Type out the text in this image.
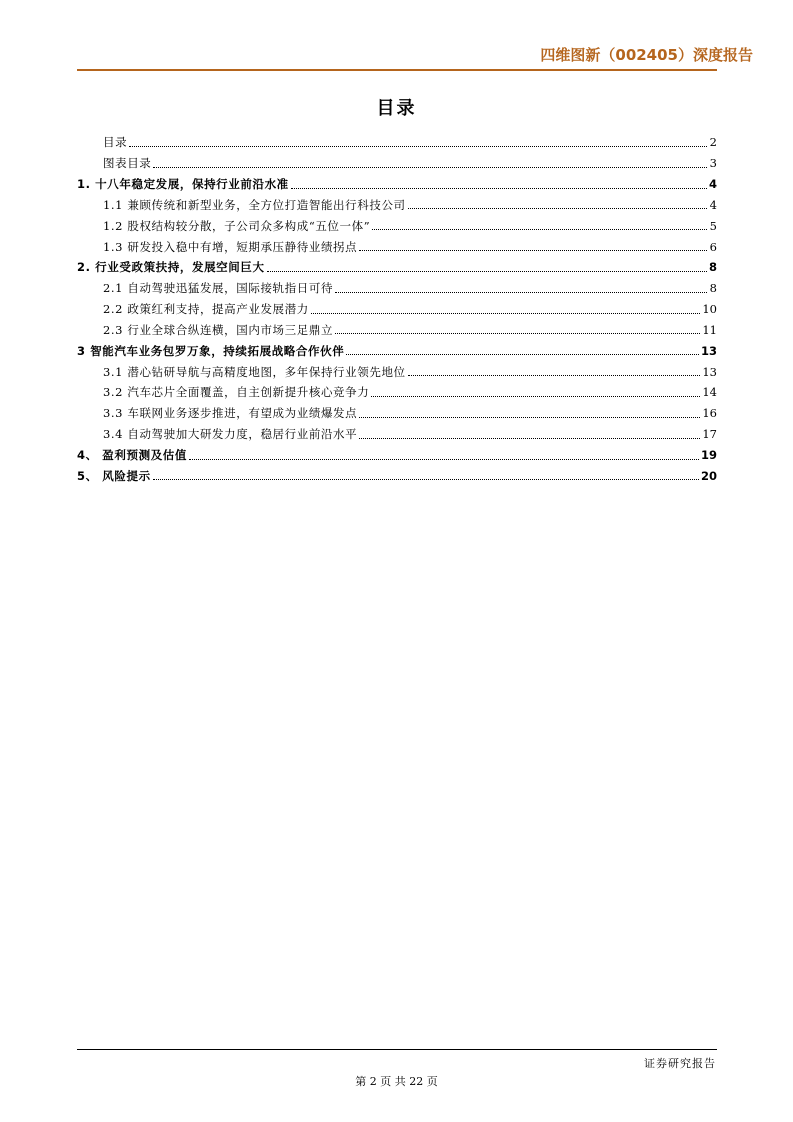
四维图新（002405）深度报告
目录
目录	2
图表目录	3
1. 十八年稳定发展，保持行业前沿水准	4
1.1 兼顾传统和新型业务，全方位打造智能出行科技公司	4
1.2 股权结构较分散，子公司众多构成“五位一体”	5
1.3 研发投入稳中有增，短期承压静待业绩拐点	6
2. 行业受政策扶持，发展空间巨大	8
2.1 自动驾驶迅猛发展，国际接轨指日可待	8
2.2 政策红利支持，提高产业发展潜力	10
2.3 行业全球合纵连横，国内市场三足鼎立	11
3 智能汽车业务包罗万象，持续拓展战略合作伙伴	13
3.1 潜心钻研导航与高精度地图，多年保持行业领先地位	13
3.2 汽车芯片全面覆盖，自主创新提升核心竞争力	14
3.3 车联网业务逐步推进，有望成为业绩爆发点	16
3.4 自动驾驶加大研发力度，稳居行业前沿水平	17
4、 盈利预测及估值	19
5、 风险提示	20
证券研究报告
第 2 页 共 22 页
